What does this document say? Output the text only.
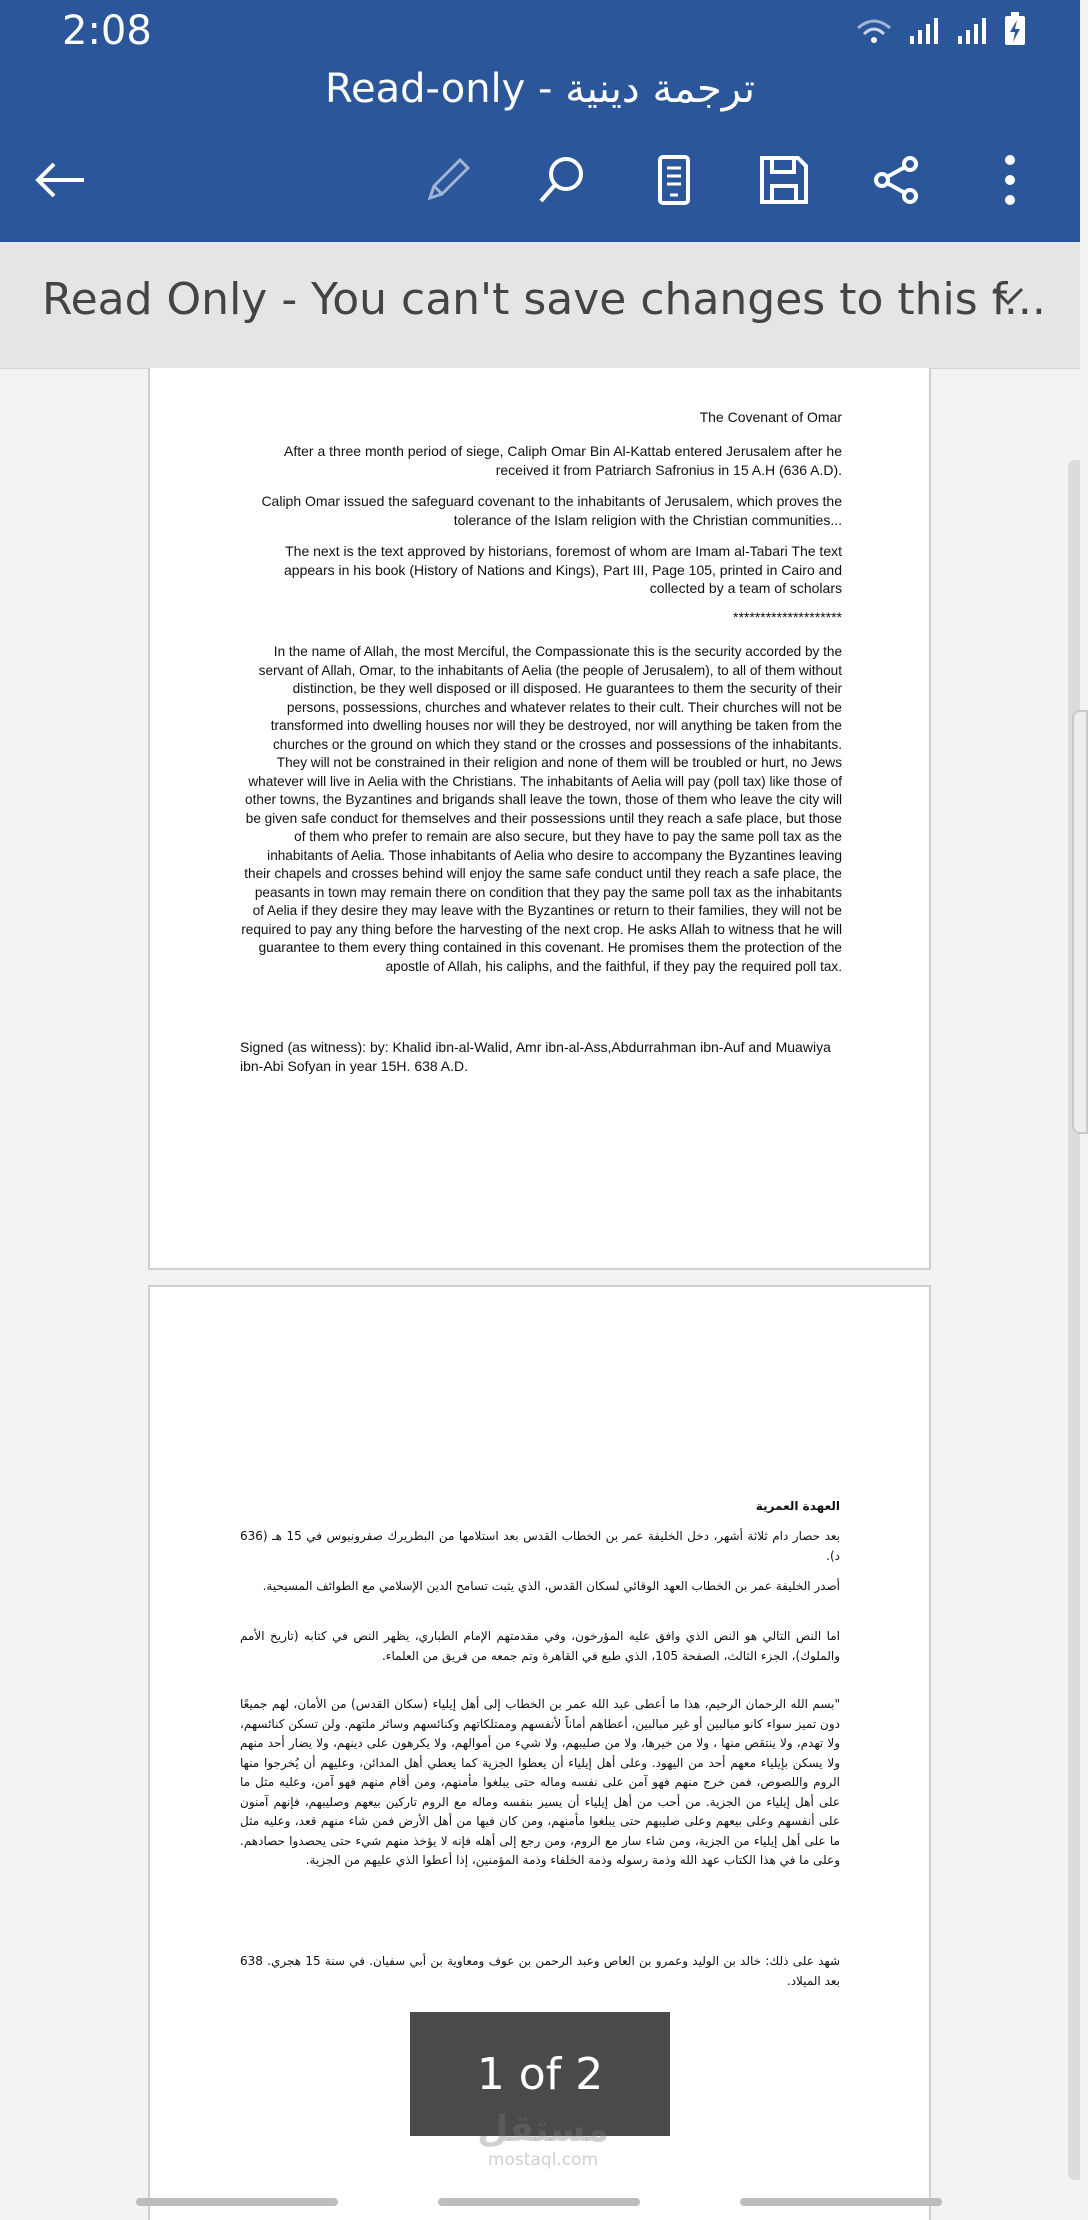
2:08
Read-only - ترجمة دينية
Read Only - You can't save changes to this f...
The Covenant of Omar
After a three month period of siege, Caliph Omar Bin Al-Kattab entered Jerusalem after he received it from Patriarch Safronius in 15 A.H (636 A.D).
Caliph Omar issued the safeguard covenant to the inhabitants of Jerusalem, which proves the tolerance of the Islam religion with the Christian communities...
The next is the text approved by historians, foremost of whom are Imam al-Tabari The text appears in his book (History of Nations and Kings), Part III, Page 105, printed in Cairo and collected by a team of scholars
********************
In the name of Allah, the most Merciful, the Compassionate this is the security accorded by the servant of Allah, Omar, to the inhabitants of Aelia (the people of Jerusalem), to all of them without distinction, be they well disposed or ill disposed. He guarantees to them the security of their persons, possessions, churches and whatever relates to their cult. Their churches will not be transformed into dwelling houses nor will they be destroyed, nor will anything be taken from the churches or the ground on which they stand or the crosses and possessions of the inhabitants. They will not be constrained in their religion and none of them will be troubled or hurt, no Jews whatever will live in Aelia with the Christians. The inhabitants of Aelia will pay (poll tax) like those of other towns, the Byzantines and brigands shall leave the town, those of them who leave the city will be given safe conduct for themselves and their possessions until they reach a safe place, but those of them who prefer to remain are also secure, but they have to pay the same poll tax as the inhabitants of Aelia. Those inhabitants of Aelia who desire to accompany the Byzantines leaving their chapels and crosses behind will enjoy the same safe conduct until they reach a safe place, the peasants in town may remain there on condition that they pay the same poll tax as the inhabitants of Aelia if they desire they may leave with the Byzantines or return to their families, they will not be required to pay any thing before the harvesting of the next crop. He asks Allah to witness that he will guarantee to them every thing contained in this covenant. He promises them the protection of the apostle of Allah, his caliphs, and the faithful, if they pay the required poll tax.
Signed (as witness): by: Khalid ibn-al-Walid, Amr ibn-al-Ass,Abdurrahman ibn-Auf and Muawiya ibn-Abi Sofyan in year 15H. 638 A.D.
العهدة العمرية
بعد حصار دام ثلاثة أشهر، دخل الخليفة عمر بن الخطاب القدس بعد استلامها من البطريرك صفرونيوس في 15 هـ (636 د).
أصدر الخليفة عمر بن الخطاب العهد الوقائي لسكان القدس، الذي يثبت تسامح الدين الإسلامي مع الطوائف المسيحية.
اما النص التالي هو النص الذي وافق عليه المؤرخون، وفي مقدمتهم الإمام الطباري، يظهر النص في كتابه (تاريخ الأمم والملوك)، الجزء الثالث، الصفحة 105، الذي طبع في القاهرة وتم جمعه من فريق من العلماء.
"بسم الله الرحمان الرحيم، هذا ما أعطى عبد الله عمر بن الخطاب إلى أهل إيلياء (سكان القدس) من الأمان، لهم جميعًا دون تميز سواء كانو مبالبين أو غير مبالبين، أعطاهم أماناً لأنفسهم وممتلكاتهم وكنائسهم وسائر ملتهم. ولن تسكن كنائسهم، ولا تهدم، ولا ينتقص منها ، ولا من خيرها، ولا من صليبهم، ولا شيء من أموالهم، ولا يكرهون على دينهم، ولا يضار أحد منهم ولا يسكن بإيلياء معهم أحد من اليهود. وعلى أهل إيلياء أن يعطوا الجزية كما يعطي أهل المدائن، وعليهم أن يُخرجوا منها الروم واللصوص، فمن خرج منهم فهو آمن على نفسه وماله حتى يبلغوا مأمنهم، ومن أقام منهم فهو آمن، وعليه مثل ما على أهل إيلياء من الجزية. من أحب من أهل إيلياء أن يسير بنفسه وماله مع الروم تاركين بيعهم وصليبهم، فإنهم آمنون على أنفسهم وعلى بيعهم وعلى صليبهم حتى يبلغوا مأمنهم، ومن كان فيها من أهل الأرض فمن شاء منهم قعد، وعليه مثل ما على أهل إيلياء من الجزية، ومن شاء سار مع الروم، ومن رجع إلى أهله فإنه لا يؤخذ منهم شيء حتى يحصدوا حصادهم. وعلى ما في هذا الكتاب عهد الله وذمة رسوله وذمة الخلفاء وذمة المؤمنين، إذا أعطوا الذي عليهم من الجزية.
شهد على ذلك: خالد بن الوليد وعمرو بن العاص وعبد الرحمن بن عوف ومعاوية بن أبي سفيان. في سنة 15 هجري. 638 بعد الميلاد.
1 of 2
مستقل
mostaql.com
